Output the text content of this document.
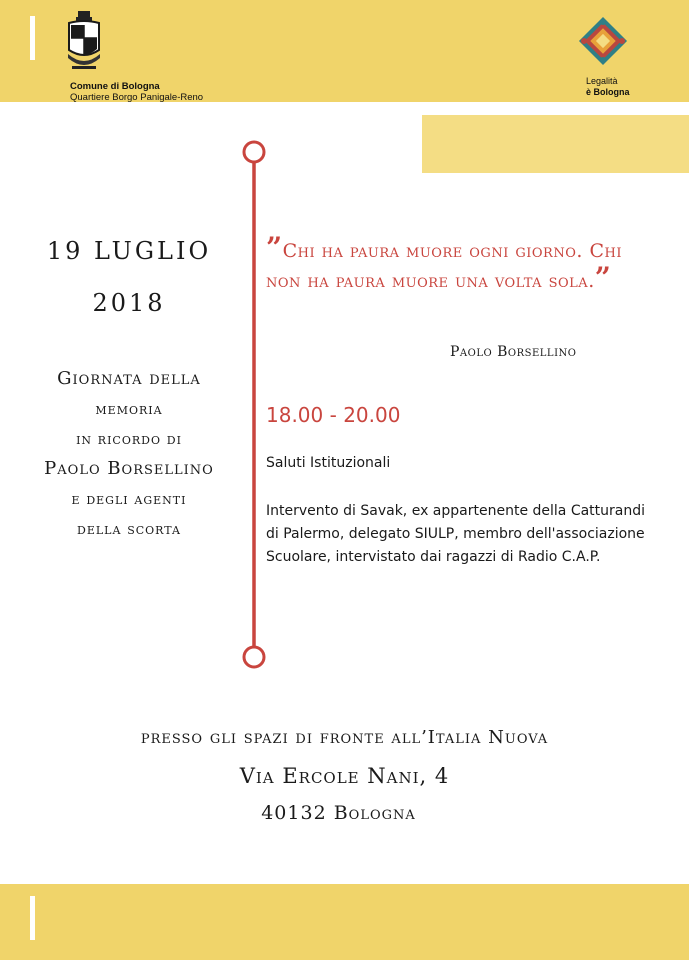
Comune di Bologna
Quartiere Borgo Panigale-Reno
Legalità
è Bologna
19 LUGLIO
2018
Giornata della
memoria
in ricordo di
Paolo Borsellino
e degli agenti
della scorta
”Chi ha paura muore ogni giorno. Chi non ha paura muore una volta sola.”
Paolo Borsellino
18.00 - 20.00
Saluti Istituzionali
Intervento di Savak, ex appartenente della Catturandi di Palermo, delegato SIULP, membro dell'associazione Scuolare, intervistato dai ragazzi di Radio C.A.P.
presso gli spazi di fronte all’Italia Nuova
Via Ercole Nani, 4
40132 Bologna
